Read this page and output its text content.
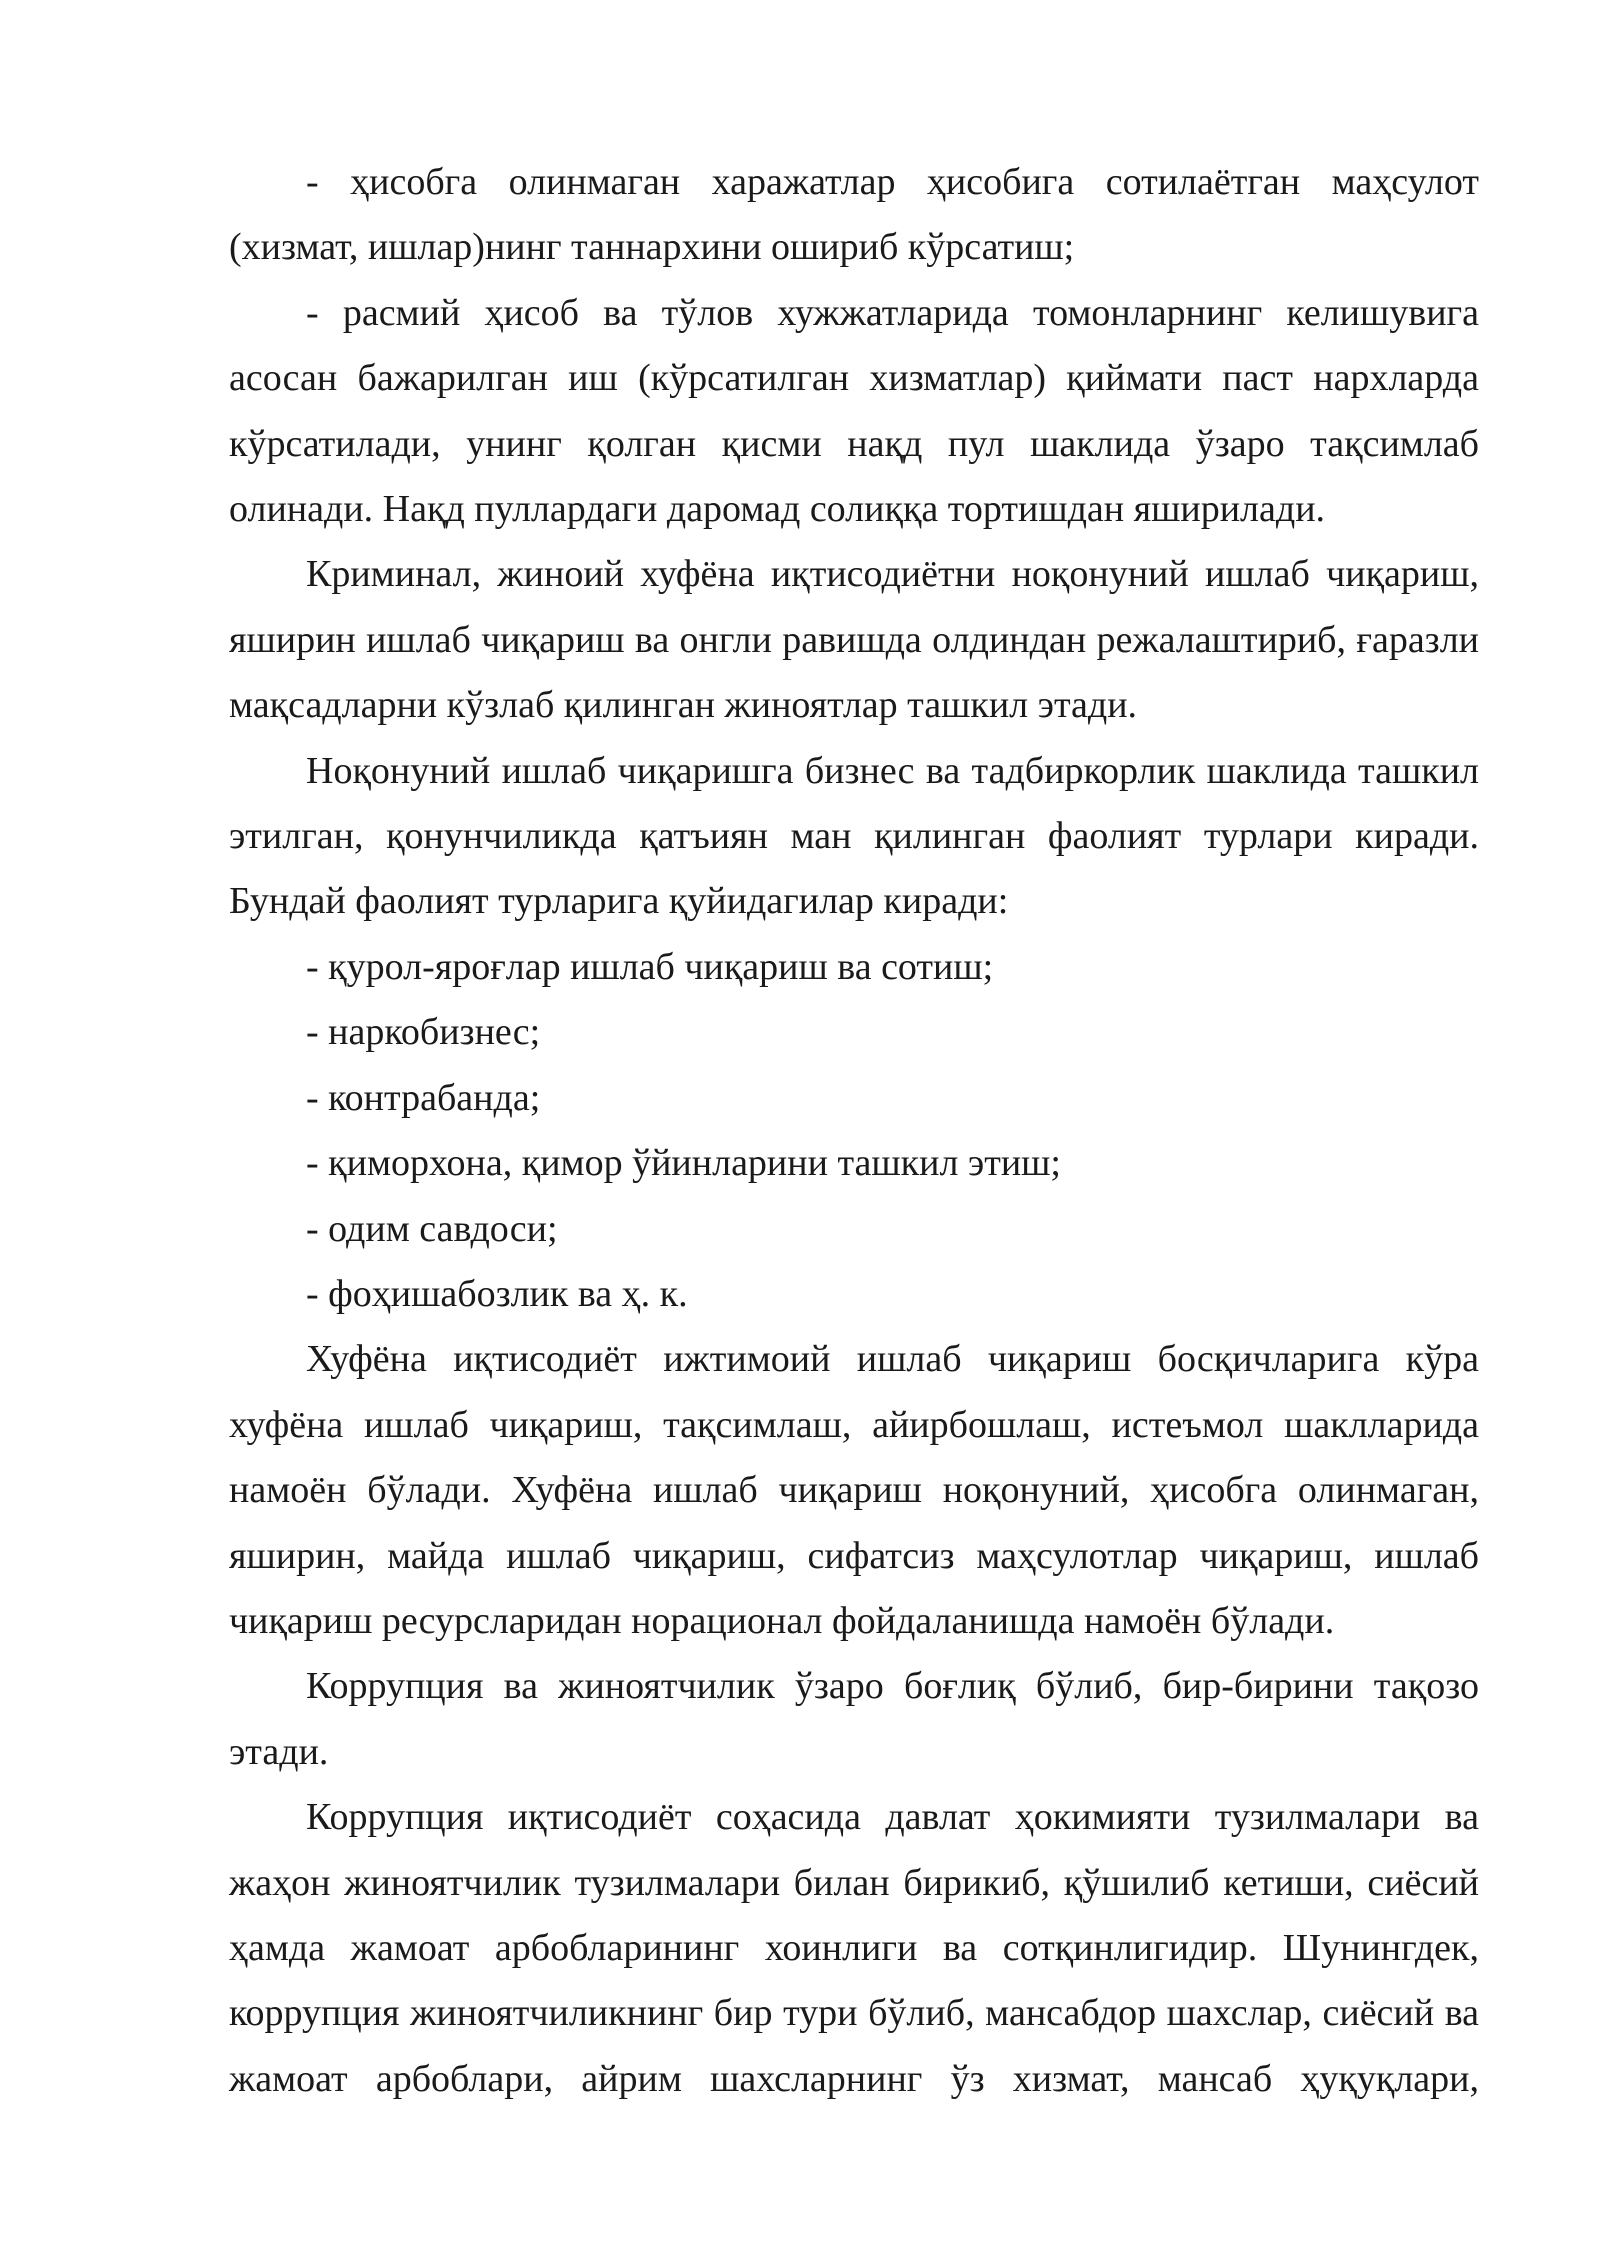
- ҳисобга олинмаган харажатлар ҳисобига сотилаётган маҳсулот (хизмат, ишлар)нинг таннархини ошириб кўрсатиш;

- расмий ҳисоб ва тўлов хужжатларида томонларнинг келишувига асосан бажарилган иш (кўрсатилган хизматлар) қиймати паст нархларда кўрсатилади, унинг қолган қисми нақд пул шаклида ўзаро тақсимлаб олинади. Нақд пуллардаги даромад солиққа тортишдан яширилади.

Криминал, жиноий хуфёна иқтисодиётни ноқонуний ишлаб чиқариш, яширин ишлаб чиқариш ва онгли равишда олдиндан режалаштириб, ғаразли мақсадларни кўзлаб қилинган жиноятлар ташкил этади.

Ноқонуний ишлаб чиқаришга бизнес ва тадбиркорлик шаклида ташкил этилган, қонунчиликда қатъиян ман қилинган фаолият турлари киради. Бундай фаолият турларига қуйидагилар киради:

- қурол-яроғлар ишлаб чиқариш ва сотиш;

- наркобизнес;

- контрабанда;

- қиморхона, қимор ўйинларини ташкил этиш;

- одим савдоси;

- фоҳишабозлик ва ҳ. к.

Хуфёна иқтисодиёт ижтимоий ишлаб чиқариш босқичларига кўра хуфёна ишлаб чиқариш, тақсимлаш, айирбошлаш, истеъмол шаклларида намоён бўлади. Хуфёна ишлаб чиқариш ноқонуний, ҳисобга олинмаган, яширин, майда ишлаб чиқариш, сифатсиз маҳсулотлар чиқариш, ишлаб чиқариш ресурсларидан норационал фойдаланишда намоён бўлади.

Коррупция ва жиноятчилик ўзаро боғлиқ бўлиб, бир-бирини тақозо этади.

Коррупция иқтисодиёт соҳасида давлат ҳокимияти тузилмалари ва жаҳон жиноятчилик тузилмалари билан бирикиб, қўшилиб кетиши, сиёсий ҳамда жамоат арбобларининг хоинлиги ва сотқинлигидир. Шунингдек, коррупция жиноятчиликнинг бир тури бўлиб, мансабдор шахслар, сиёсий ва жамоат арбоблари, айрим шахсларнинг ўз хизмат, мансаб ҳуқуқлари,
